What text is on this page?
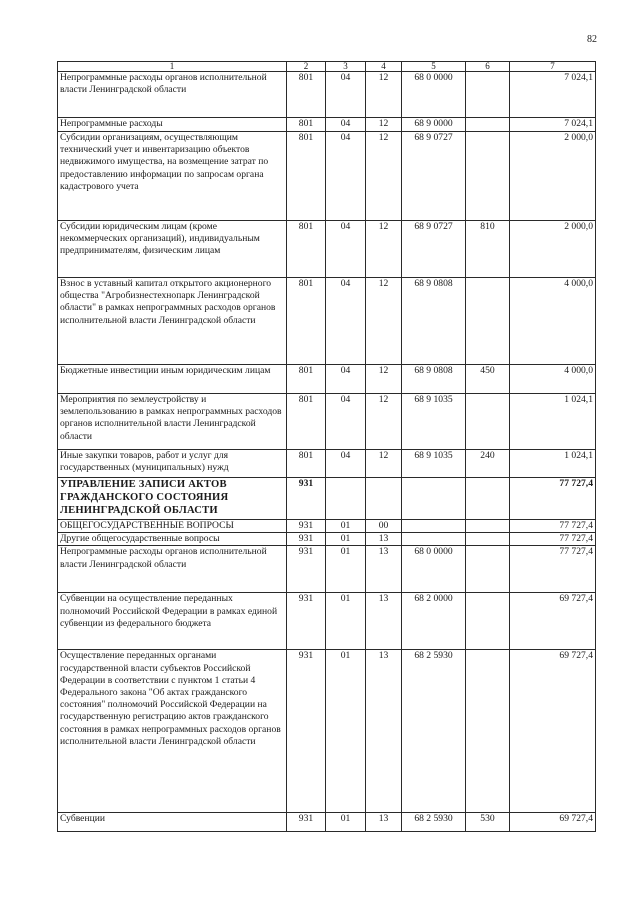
82
1	2	3	4	5	6	7
Непрограммные расходы органов исполнительной власти Ленинградской области	801	04	12	68 0 0000		7 024,1
Непрограммные расходы	801	04	12	68 9 0000		7 024,1
Субсидии организациям, осуществляющим технический учет и инвентаризацию объектов недвижимого имущества, на возмещение затрат по предоставлению информации по запросам органа кадастрового учета	801	04	12	68 9 0727		2 000,0
Субсидии юридическим лицам (кроме некоммерческих организаций), индивидуальным предпринимателям, физическим лицам	801	04	12	68 9 0727	810	2 000,0
Взнос в уставный капитал открытого акционерного общества "Агробизнестехнопарк Ленинградской области" в рамках непрограммных расходов органов исполнительной власти Ленинградской области	801	04	12	68 9 0808		4 000,0
Бюджетные инвестиции иным юридическим лицам	801	04	12	68 9 0808	450	4 000,0
Мероприятия по землеустройству и землепользованию в рамках непрограммных расходов органов исполнительной власти Ленинградской области	801	04	12	68 9 1035		1 024,1
Иные закупки товаров, работ и услуг для государственных (муниципальных) нужд	801	04	12	68 9 1035	240	1 024,1
УПРАВЛЕНИЕ ЗАПИСИ АКТОВ ГРАЖДАНСКОГО СОСТОЯНИЯ ЛЕНИНГРАДСКОЙ ОБЛАСТИ	931					77 727,4
ОБЩЕГОСУДАРСТВЕННЫЕ ВОПРОСЫ	931	01	00			77 727,4
Другие общегосударственные вопросы	931	01	13			77 727,4
Непрограммные расходы органов исполнительной власти Ленинградской области	931	01	13	68 0 0000		77 727,4
Субвенции на осуществление переданных полномочий Российской Федерации в рамках единой субвенции из федерального бюджета	931	01	13	68 2 0000		69 727,4
Осуществление переданных органами государственной власти субъектов Российской Федерации в соответствии с пунктом 1 статьи 4 Федерального закона "Об актах гражданского состояния" полномочий Российской Федерации на государственную регистрацию актов гражданского состояния в рамках непрограммных расходов органов исполнительной власти Ленинградской области	931	01	13	68 2 5930		69 727,4
Субвенции	931	01	13	68 2 5930	530	69 727,4
